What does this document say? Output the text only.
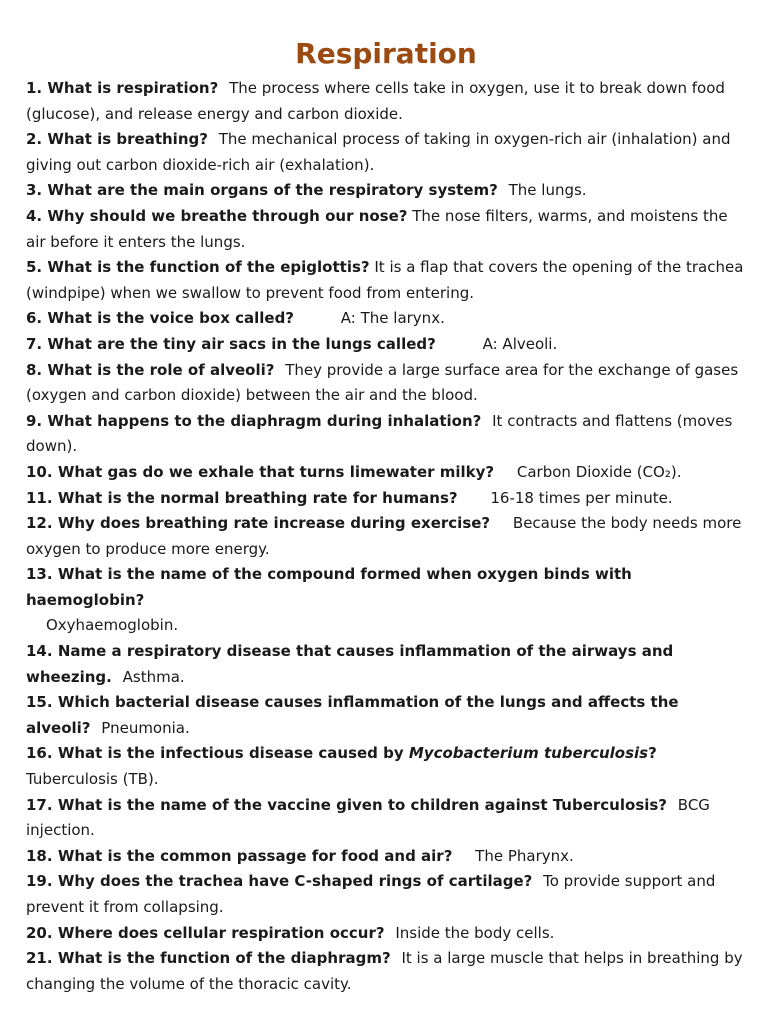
Respiration

1. What is respiration? The process where cells take in oxygen, use it to break down food (glucose), and release energy and carbon dioxide.

2. What is breathing? The mechanical process of taking in oxygen-rich air (inhalation) and giving out carbon dioxide-rich air (exhalation).

3. What are the main organs of the respiratory system? The lungs.

4. Why should we breathe through our nose? The nose filters, warms, and moistens the air before it enters the lungs.

5. What is the function of the epiglottis? It is a flap that covers the opening of the trachea (windpipe) when we swallow to prevent food from entering.

6. What is the voice box called?	A: The larynx.

7. What are the tiny air sacs in the lungs called?	A: Alveoli.

8. What is the role of alveoli? They provide a large surface area for the exchange of gases (oxygen and carbon dioxide) between the air and the blood.

9. What happens to the diaphragm during inhalation? It contracts and flattens (moves down).

10. What gas do we exhale that turns limewater milky? Carbon Dioxide (CO₂).

11. What is the normal breathing rate for humans? 16-18 times per minute.

12. Why does breathing rate increase during exercise? Because the body needs more oxygen to produce more energy.

13. What is the name of the compound formed when oxygen binds with haemoglobin?
Oxyhaemoglobin.

14. Name a respiratory disease that causes inflammation of the airways and wheezing. Asthma.

15. Which bacterial disease causes inflammation of the lungs and affects the alveoli? Pneumonia.

16. What is the infectious disease caused by Mycobacterium tuberculosis?
Tuberculosis (TB).

17. What is the name of the vaccine given to children against Tuberculosis? BCG injection.

18. What is the common passage for food and air? The Pharynx.

19. Why does the trachea have C-shaped rings of cartilage? To provide support and prevent it from collapsing.

20. Where does cellular respiration occur? Inside the body cells.

21. What is the function of the diaphragm? It is a large muscle that helps in breathing by changing the volume of the thoracic cavity.
